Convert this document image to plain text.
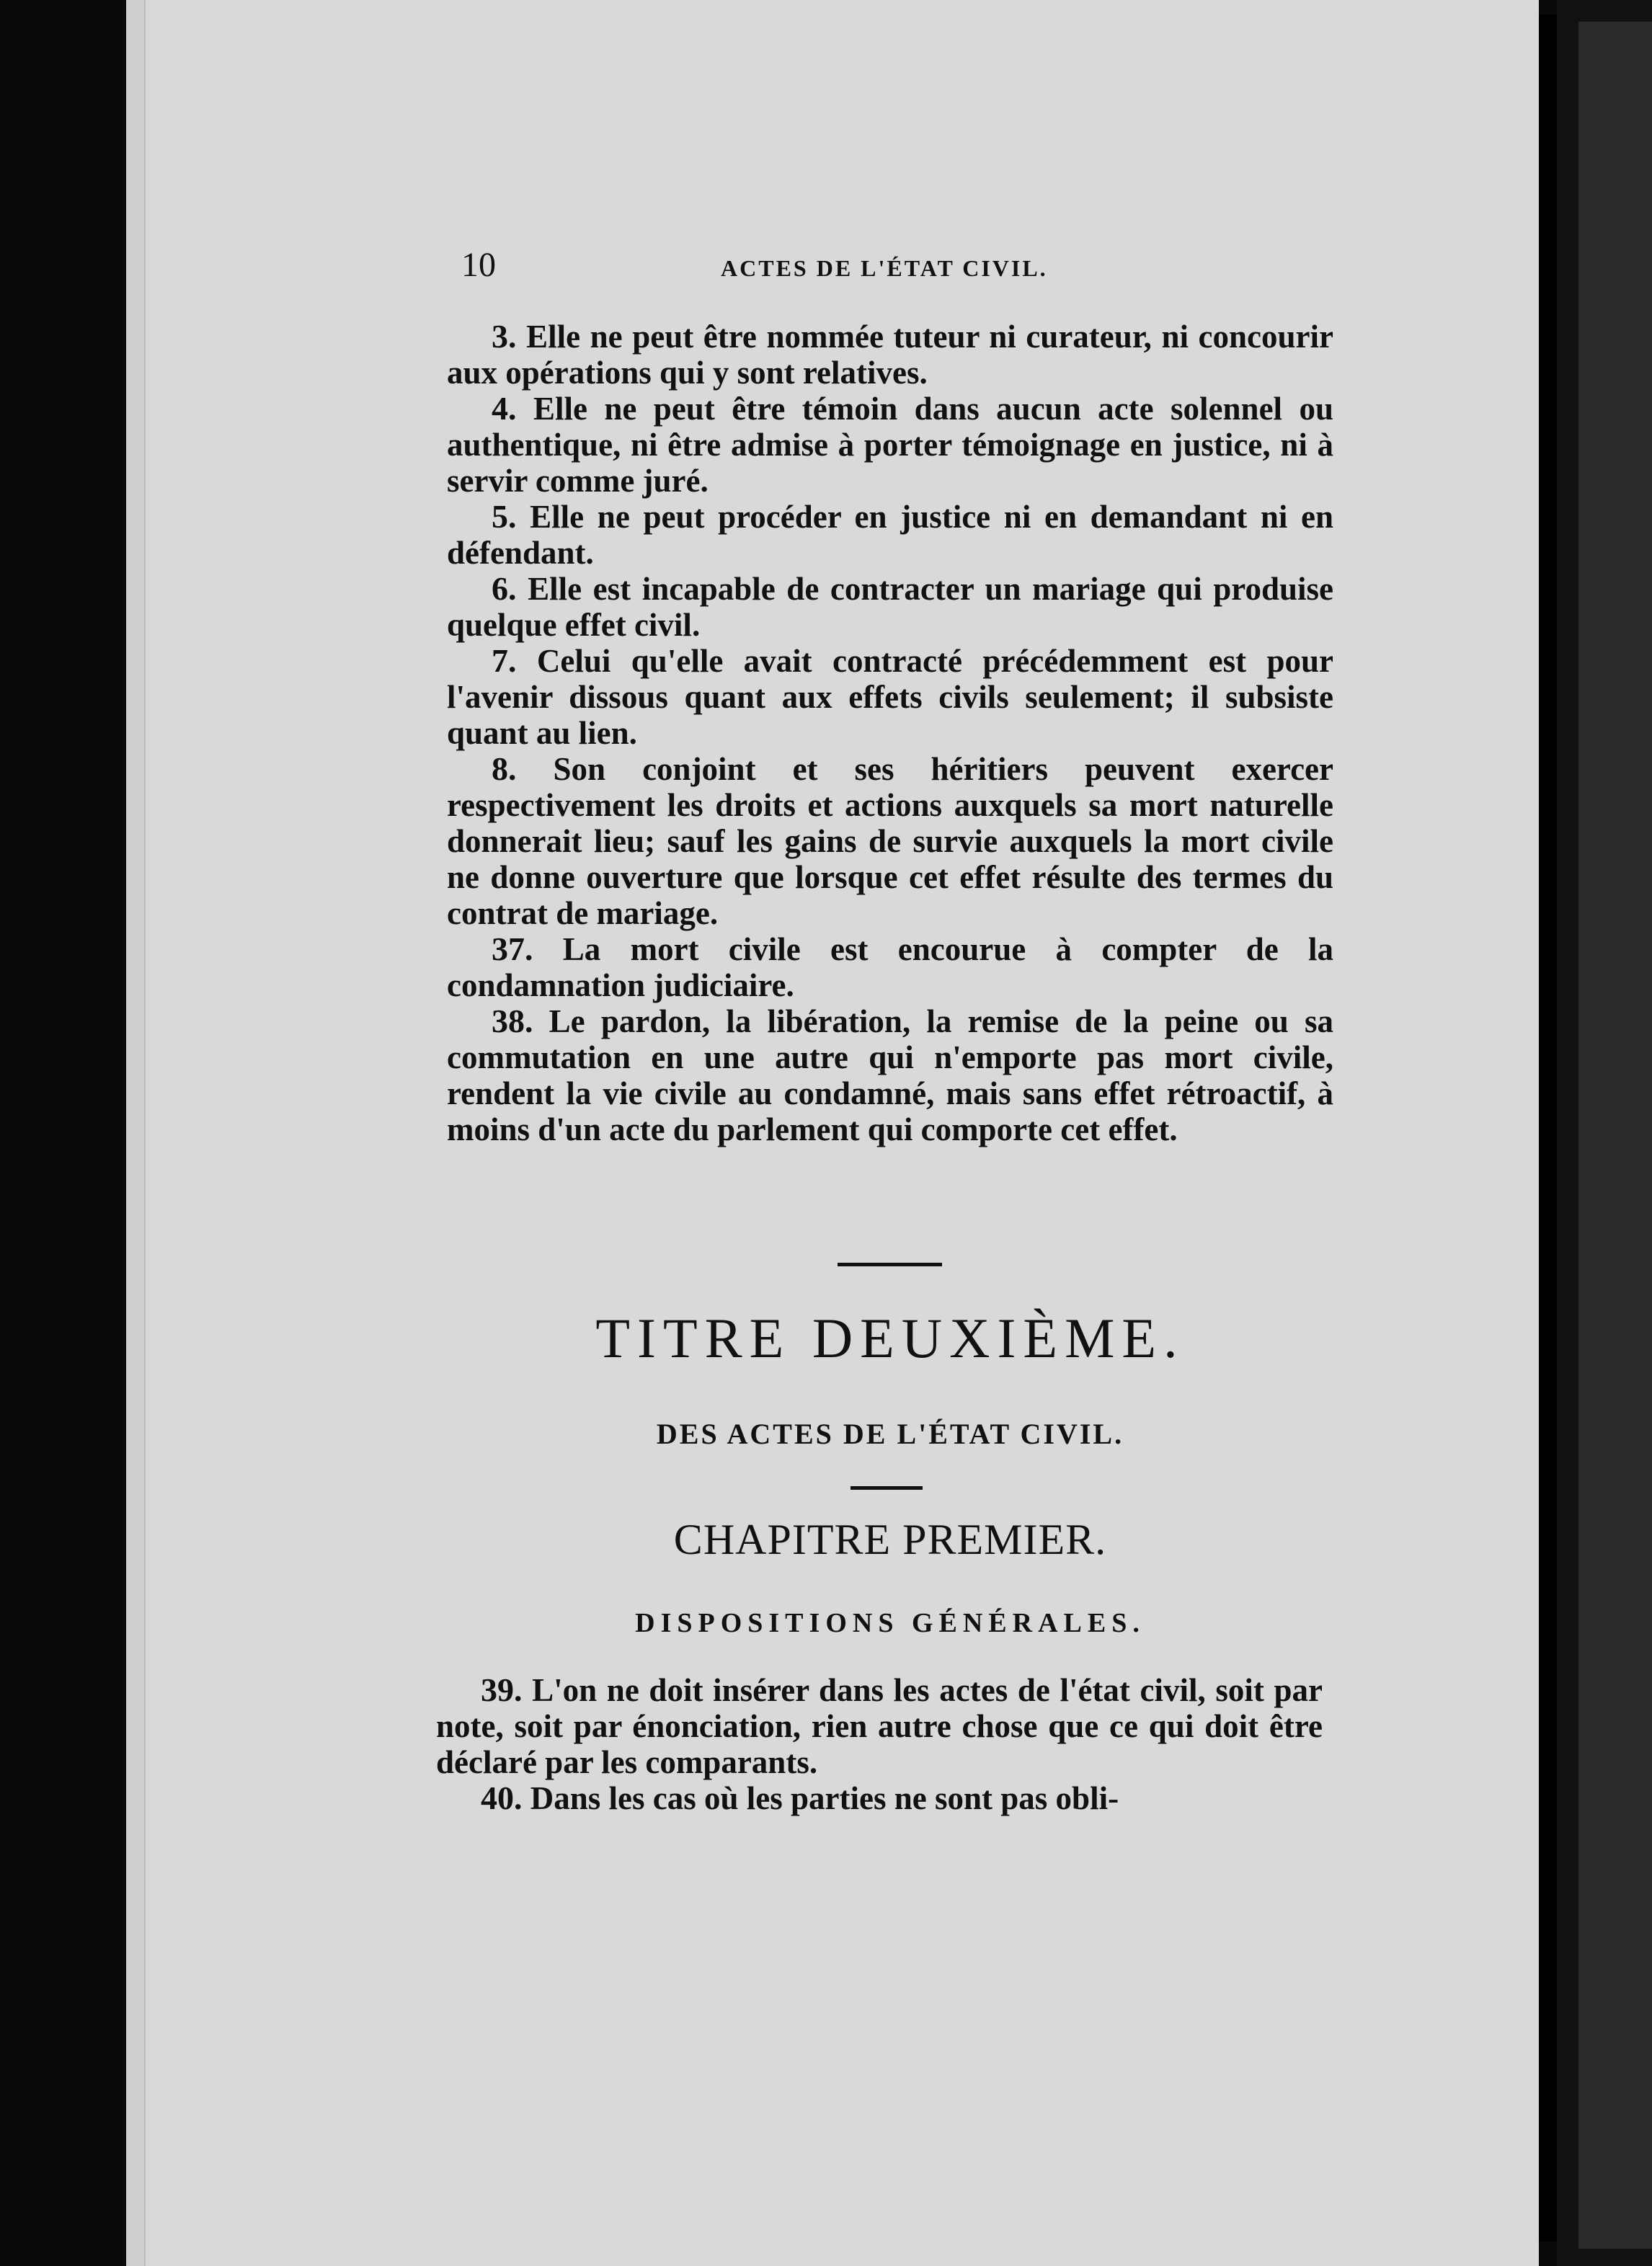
10	ACTES DE L'ÉTAT CIVIL.

3. Elle ne peut être nommée tuteur ni curateur, ni concourir aux opérations qui y sont relatives.

4. Elle ne peut être témoin dans aucun acte solennel ou authentique, ni être admise à porter témoignage en justice, ni à servir comme juré.

5. Elle ne peut procéder en justice ni en demandant ni en défendant.

6. Elle est incapable de contracter un mariage qui produise quelque effet civil.

7. Celui qu'elle avait contracté précédemment est pour l'avenir dissous quant aux effets civils seulement; il subsiste quant au lien.

8. Son conjoint et ses héritiers peuvent exercer respectivement les droits et actions auxquels sa mort naturelle donnerait lieu; sauf les gains de survie auxquels la mort civile ne donne ouverture que lorsque cet effet résulte des termes du contrat de mariage.

37. La mort civile est encourue à compter de la condamnation judiciaire.

38. Le pardon, la libération, la remise de la peine ou sa commutation en une autre qui n'emporte pas mort civile, rendent la vie civile au condamné, mais sans effet rétroactif, à moins d'un acte du parlement qui comporte cet effet.

TITRE DEUXIÈME.
DES ACTES DE L'ÉTAT CIVIL.
CHAPITRE PREMIER.
DISPOSITIONS GÉNÉRALES.

39. L'on ne doit insérer dans les actes de l'état civil, soit par note, soit par énonciation, rien autre chose que ce qui doit être déclaré par les comparants.

40. Dans les cas où les parties ne sont pas obli-
